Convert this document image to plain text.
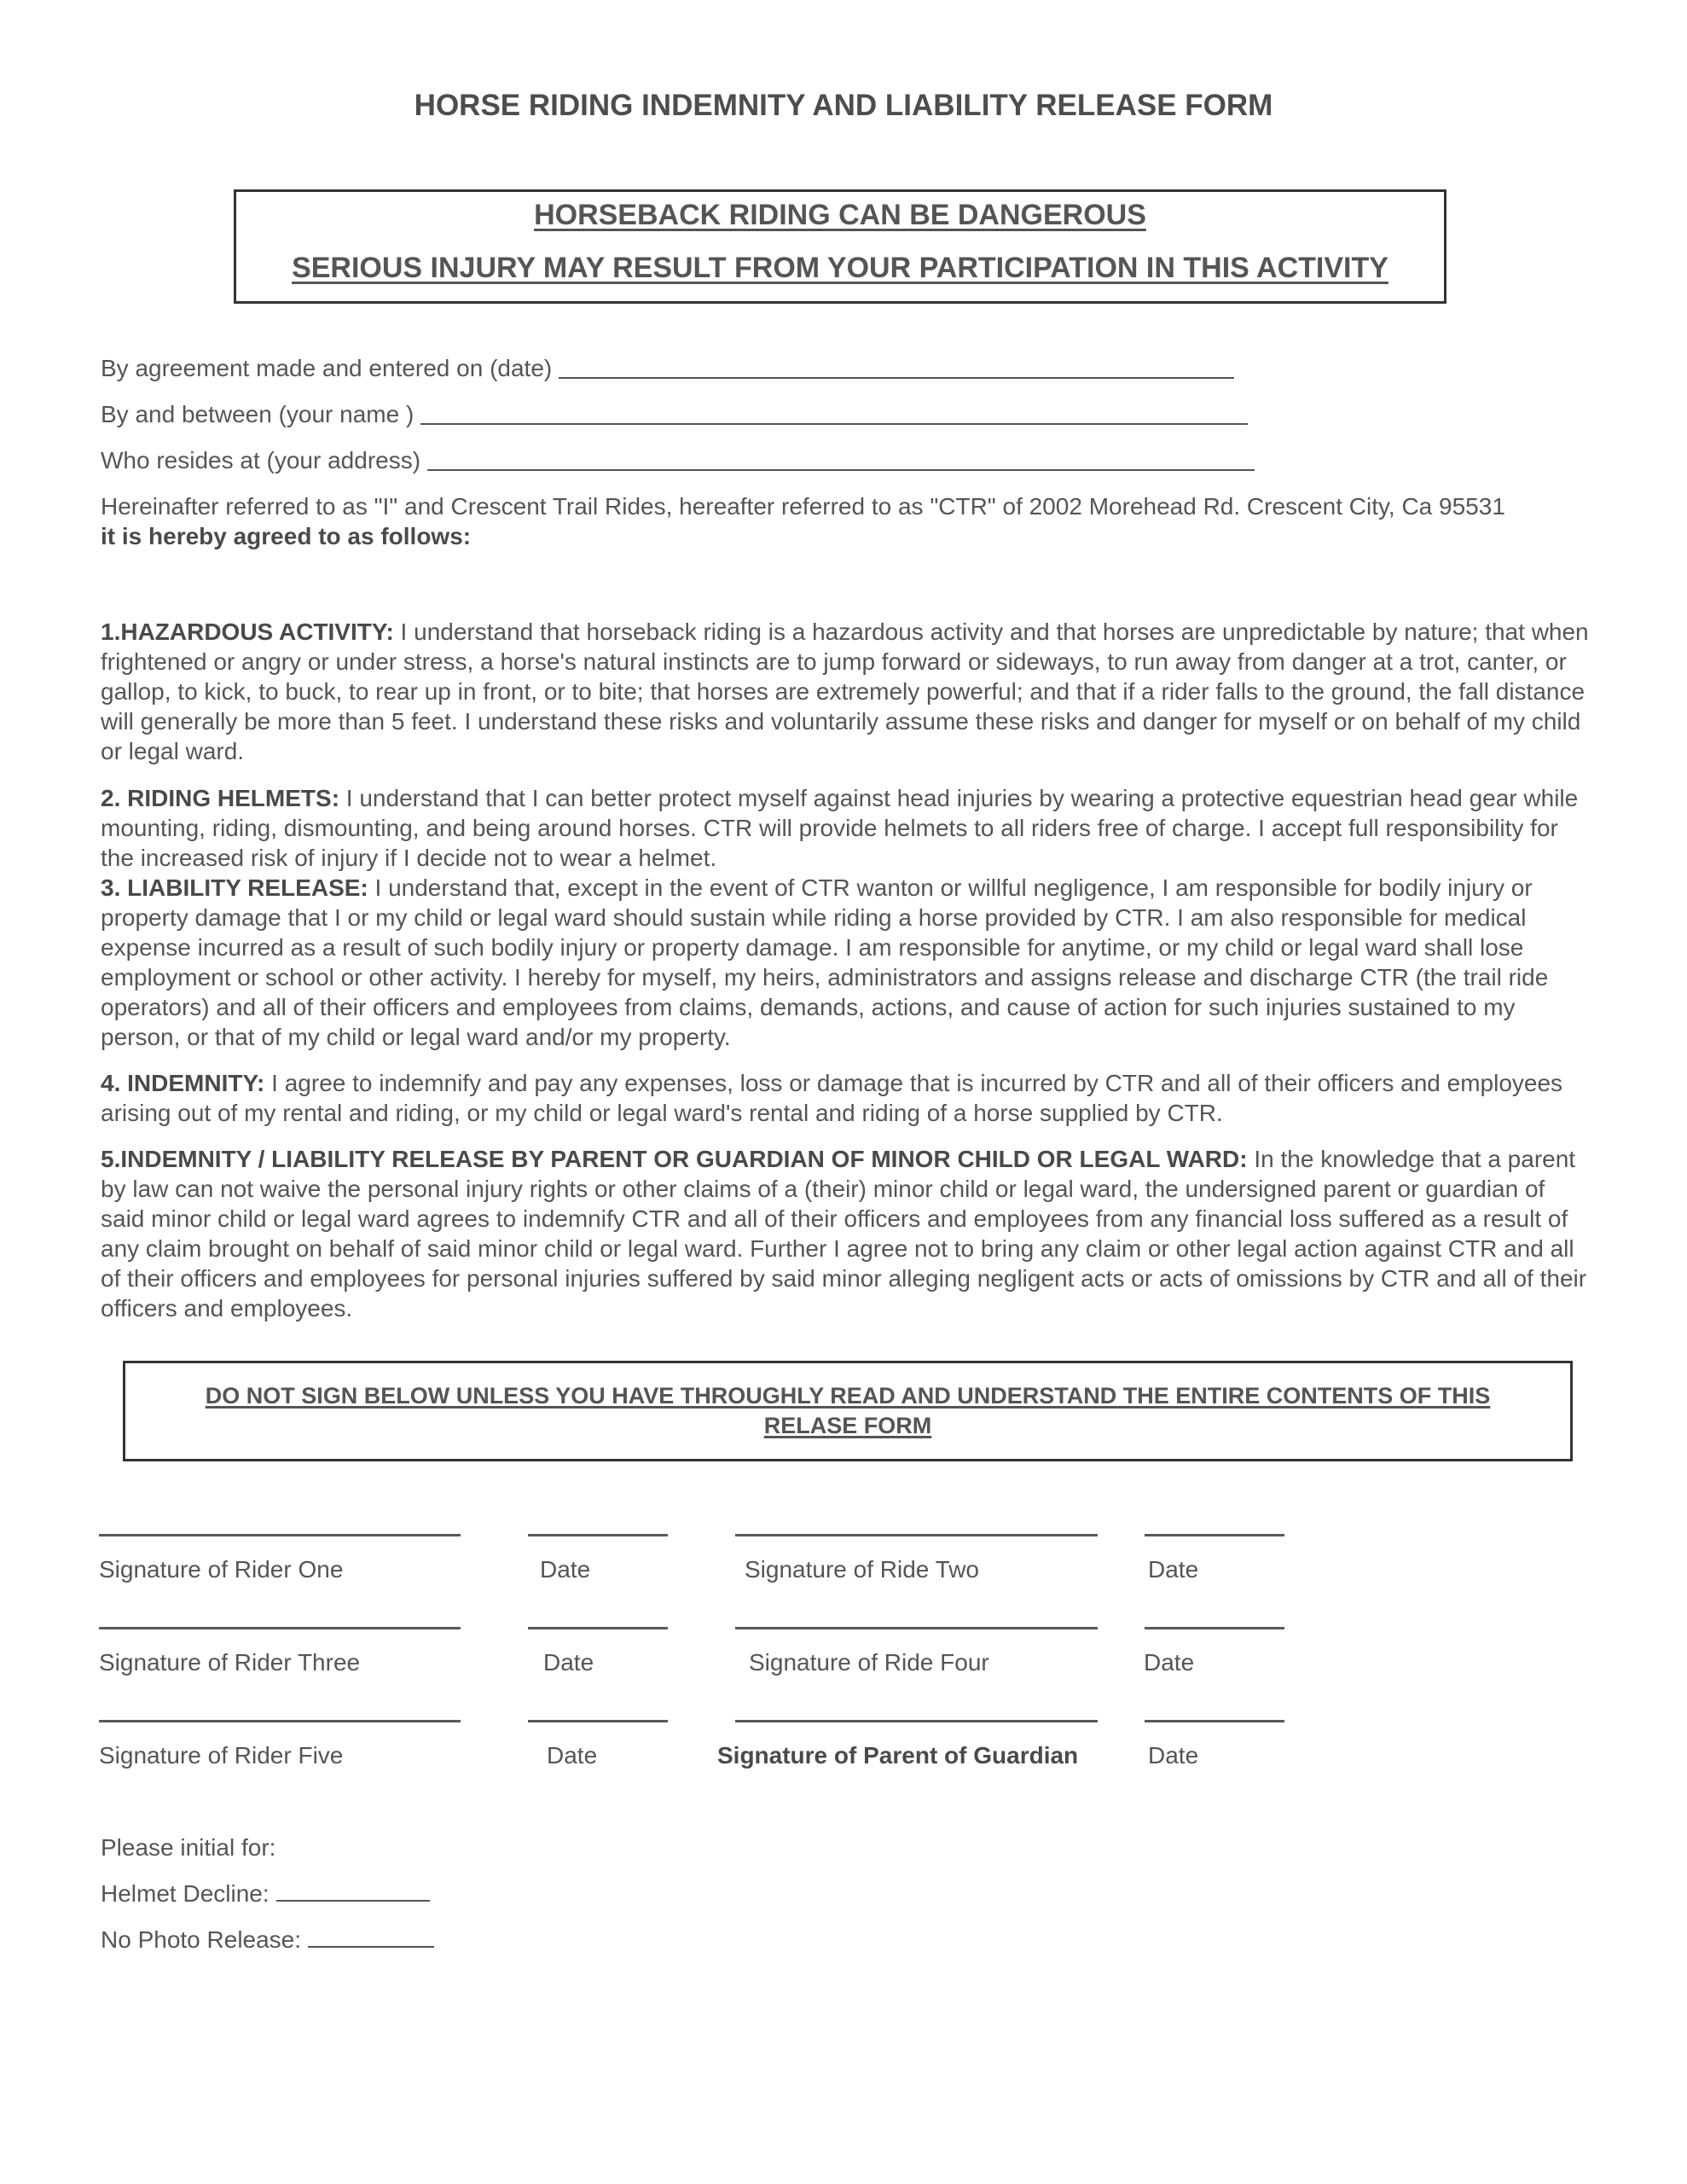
HORSE RIDING INDEMNITY AND LIABILITY RELEASE FORM
HORSEBACK RIDING CAN BE DANGEROUS
SERIOUS INJURY MAY RESULT FROM YOUR PARTICIPATION IN THIS ACTIVITY
By agreement made and entered on (date)
By and between (your name )
Who resides at (your address)
Hereinafter referred to as "I" and Crescent Trail Rides, hereafter referred to as "CTR" of 2002 Morehead Rd. Crescent City, Ca 95531
it is hereby agreed to as follows:
1.HAZARDOUS ACTIVITY: I understand that horseback riding is a hazardous activity and that horses are unpredictable by nature; that when frightened or angry or under stress, a horse's natural instincts are to jump forward or sideways, to run away from danger at a trot, canter, or gallop, to kick, to buck, to rear up in front, or to bite; that horses are extremely powerful; and that if a rider falls to the ground, the fall distance will generally be more than 5 feet. I understand these risks and voluntarily assume these risks and danger for myself or on behalf of my child or legal ward.
2. RIDING HELMETS: I understand that I can better protect myself against head injuries by wearing a protective equestrian head gear while mounting, riding, dismounting, and being around horses. CTR will provide helmets to all riders free of charge. I accept full responsibility for the increased risk of injury if I decide not to wear a helmet.
3. LIABILITY RELEASE: I understand that, except in the event of CTR wanton or willful negligence, I am responsible for bodily injury or property damage that I or my child or legal ward should sustain while riding a horse provided by CTR. I am also responsible for medical expense incurred as a result of such bodily injury or property damage. I am responsible for anytime, or my child or legal ward shall lose employment or school or other activity. I hereby for myself, my heirs, administrators and assigns release and discharge CTR (the trail ride operators) and all of their officers and employees from claims, demands, actions, and cause of action for such injuries sustained to my person, or that of my child or legal ward and/or my property.
4. INDEMNITY: I agree to indemnify and pay any expenses, loss or damage that is incurred by CTR and all of their officers and employees arising out of my rental and riding, or my child or legal ward's rental and riding of a horse supplied by CTR.
5.INDEMNITY / LIABILITY RELEASE BY PARENT OR GUARDIAN OF MINOR CHILD OR LEGAL WARD: In the knowledge that a parent by law can not waive the personal injury rights or other claims of a (their) minor child or legal ward, the undersigned parent or guardian of said minor child or legal ward agrees to indemnify CTR and all of their officers and employees from any financial loss suffered as a result of any claim brought on behalf of said minor child or legal ward. Further I agree not to bring any claim or other legal action against CTR and all of their officers and employees for personal injuries suffered by said minor alleging negligent acts or acts of omissions by CTR and all of their officers and employees.
DO NOT SIGN BELOW UNLESS YOU HAVE THROUGHLY READ AND UNDERSTAND THE ENTIRE CONTENTS OF THIS RELASE FORM
Signature of Rider One	Date	Signature of Ride Two	Date
Signature of Rider Three	Date	Signature of Ride Four	Date
Signature of Rider Five	Date	Signature of Parent of Guardian	Date
Please initial for:
Helmet Decline:
No Photo Release:
